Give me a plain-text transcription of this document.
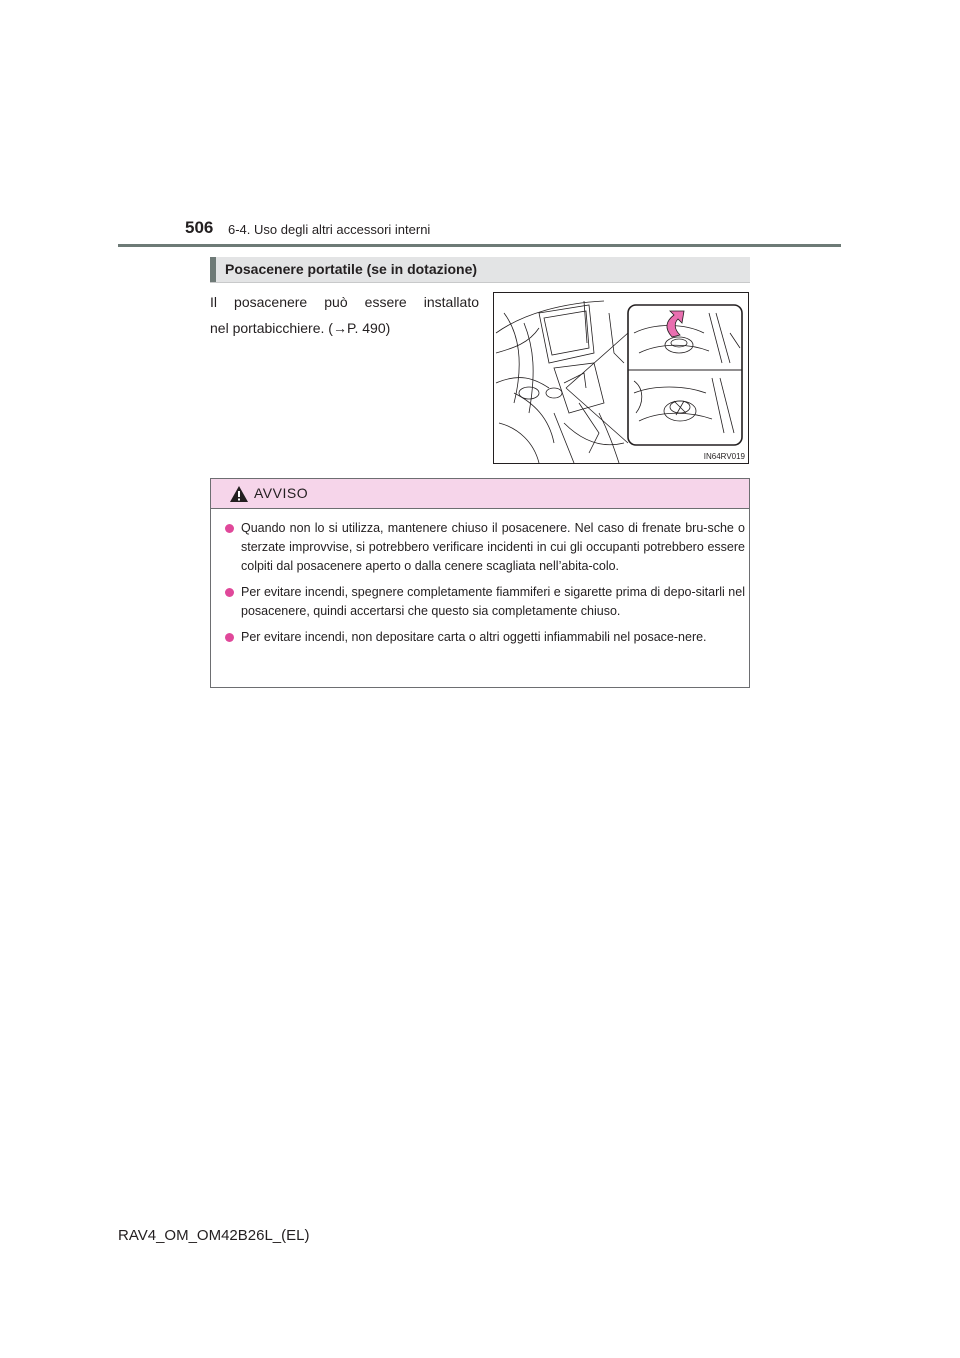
506 6-4. Uso degli altri accessori interni
Posacenere portatile (se in dotazione)
Il posacenere può essere installato
nel portabicchiere. (→P. 490)
IN64RV019
AVVISO
Quando non lo si utilizza, mantenere chiuso il posacenere. Nel caso di frenate bru-sche o sterzate improvvise, si potrebbero verificare incidenti in cui gli occupanti potrebbero essere colpiti dal posacenere aperto o dalla cenere scagliata nell’abita-colo.
Per evitare incendi, spegnere completamente fiammiferi e sigarette prima di depo-sitarli nel posacenere, quindi accertarsi che questo sia completamente chiuso.
Per evitare incendi, non depositare carta o altri oggetti infiammabili nel posace-nere.
RAV4_OM_OM42B26L_(EL)
